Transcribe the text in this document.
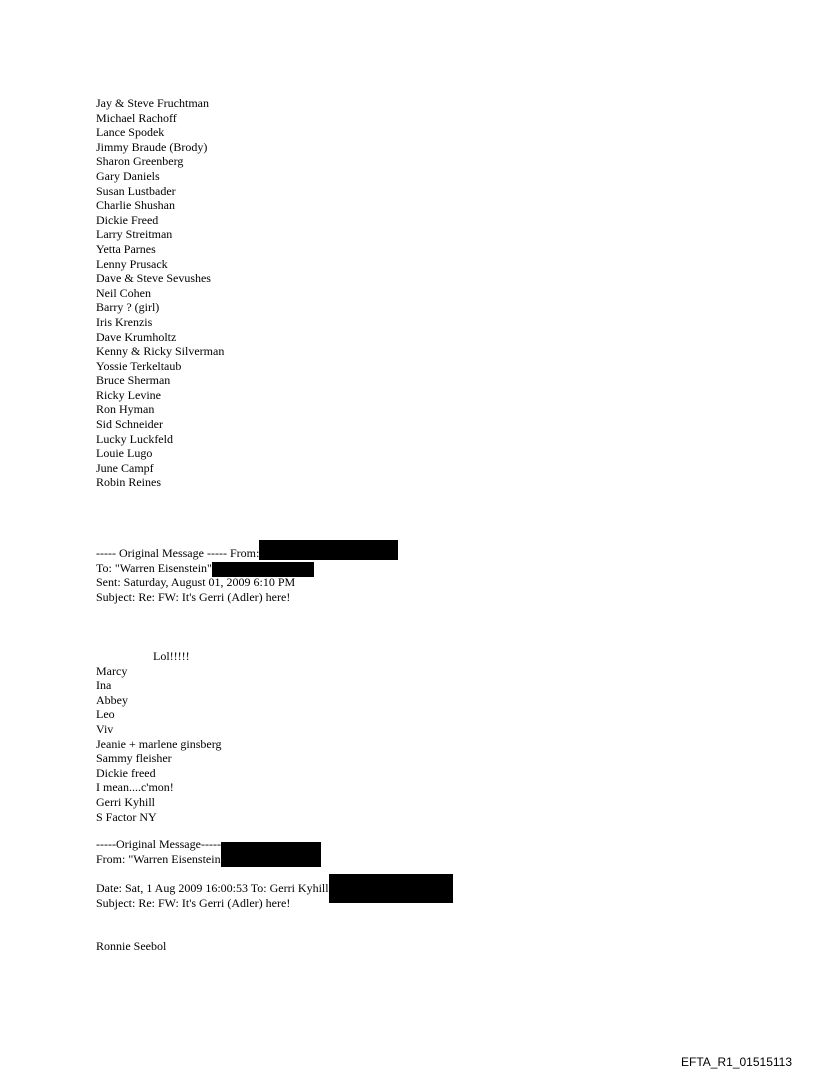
Jay & Steve Fruchtman
Michael Rachoff
Lance Spodek
Jimmy Braude (Brody)
Sharon Greenberg
Gary Daniels
Susan Lustbader
Charlie Shushan
Dickie Freed
Larry Streitman
Yetta Parnes
Lenny Prusack
Dave & Steve Sevushes
Neil Cohen
Barry ? (girl)
Iris Krenzis
Dave Krumholtz
Kenny & Ricky Silverman
Yossie Terkeltaub
Bruce Sherman
Ricky Levine
Ron Hyman
Sid Schneider
Lucky Luckfeld
Louie Lugo
June Campf
Robin Reines
----- Original Message ----- From:
To: "Warren Eisenstein"
Sent: Saturday, August 01, 2009 6:10 PM
Subject: Re: FW: It's Gerri (Adler) here!
Lol!!!!!
Marcy
Ina
Abbey
Leo
Viv
Jeanie + marlene ginsberg
Sammy fleisher
Dickie freed
I mean....c'mon!
Gerri Kyhill
S Factor NY
-----Original Message-----
From: "Warren Eisenstein
Date: Sat, 1 Aug 2009 16:00:53 To: Gerri Kyhill
Subject: Re: FW: It's Gerri (Adler) here!
Ronnie Seebol
EFTA_R1_01515113
